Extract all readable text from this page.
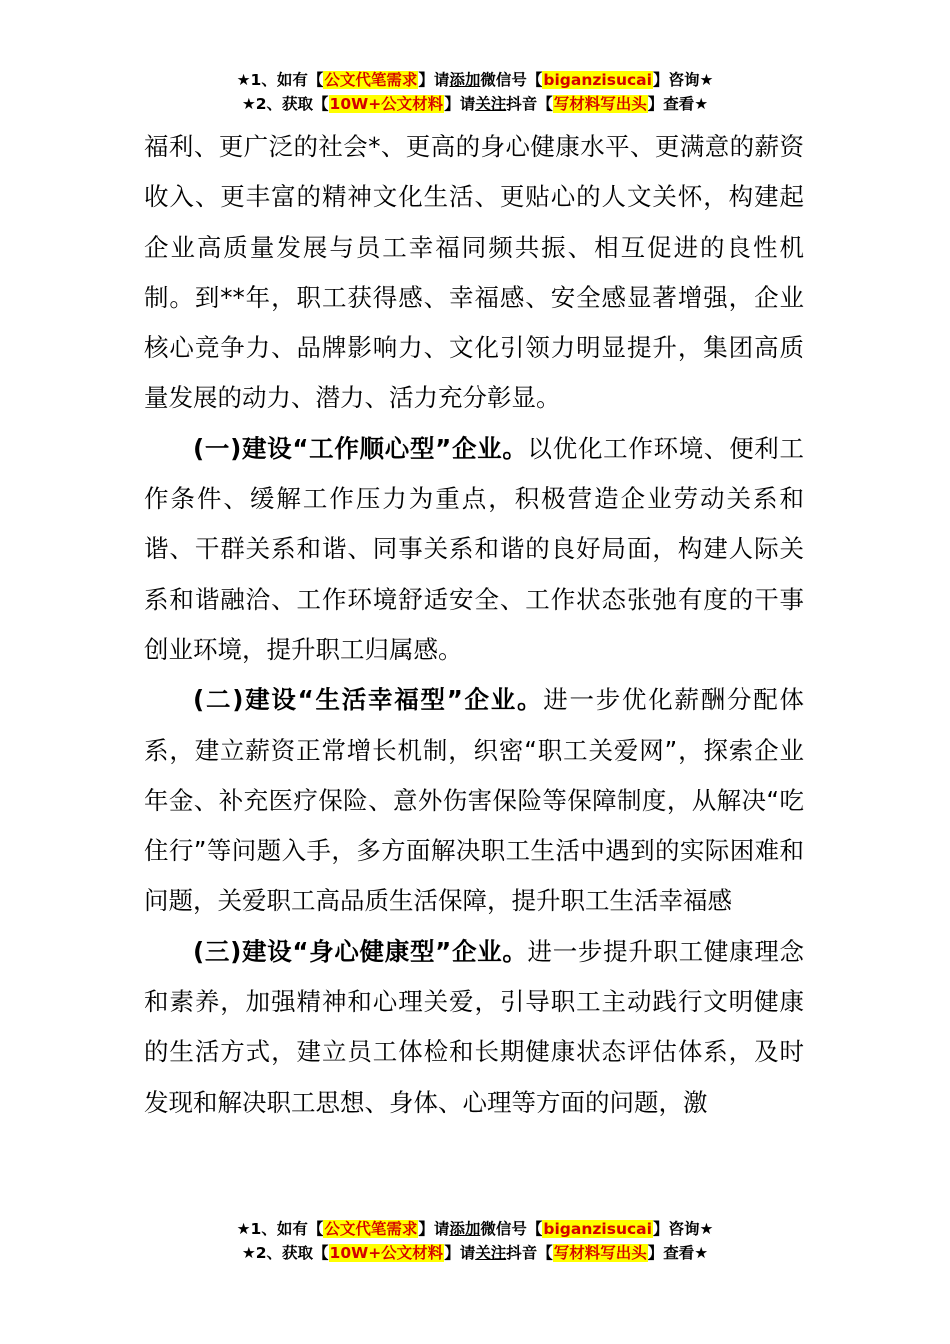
★1、如有【公文代笔需求】请添加微信号【biganzisucai】咨询★
★2、获取【10W+公文材料】请关注抖音【写材料写出头】查看★

福利、更广泛的社会*、更高的身心健康水平、更满意的薪资收入、更丰富的精神文化生活、更贴心的人文关怀，构建起企业高质量发展与员工幸福同频共振、相互促进的良性机制。到**年，职工获得感、幸福感、安全感显著增强，企业核心竞争力、品牌影响力、文化引领力明显提升，集团高质量发展的动力、潜力、活力充分彰显。

(一)建设“工作顺心型”企业。以优化工作环境、便利工作条件、缓解工作压力为重点，积极营造企业劳动关系和谐、干群关系和谐、同事关系和谐的良好局面，构建人际关系和谐融洽、工作环境舒适安全、工作状态张弛有度的干事创业环境，提升职工归属感。

(二)建设“生活幸福型”企业。进一步优化薪酬分配体系，建立薪资正常增长机制，织密“职工关爱网”，探索企业年金、补充医疗保险、意外伤害保险等保障制度，从解决“吃住行”等问题入手，多方面解决职工生活中遇到的实际困难和问题，关爱职工高品质生活保障，提升职工生活幸福感

(三)建设“身心健康型”企业。进一步提升职工健康理念和素养，加强精神和心理关爱，引导职工主动践行文明健康的生活方式，建立员工体检和长期健康状态评估体系，及时发现和解决职工思想、身体、心理等方面的问题，激

★1、如有【公文代笔需求】请添加微信号【biganzisucai】咨询★
★2、获取【10W+公文材料】请关注抖音【写材料写出头】查看★
